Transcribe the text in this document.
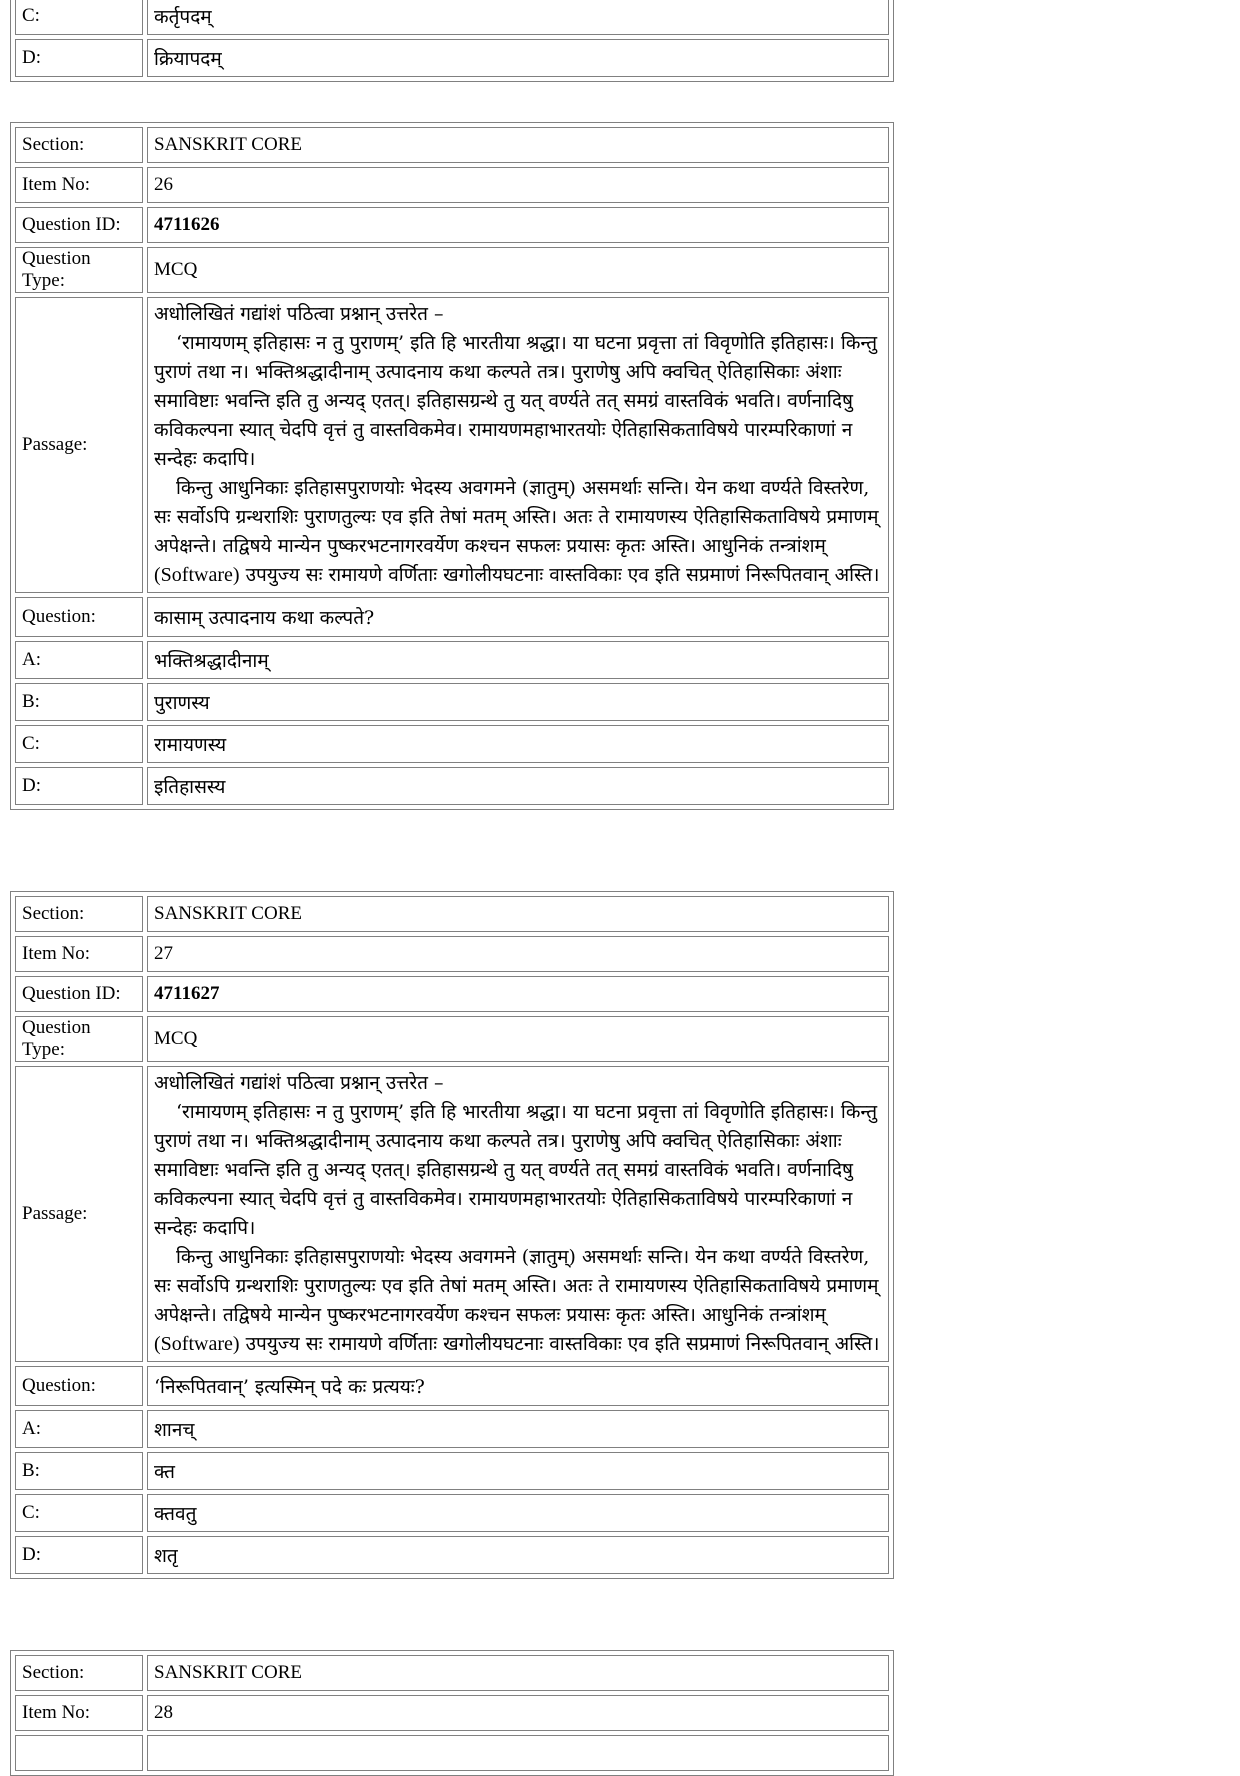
C:	कर्तृपदम्
D:	क्रियापदम्
Section:	SANSKRIT CORE
Item No:	26
Question ID:	4711626
Question Type:	MCQ
Passage:	अधोलिखितं गद्यांशं पठित्वा प्रश्नान् उत्तरेत –

‘रामायणम् इतिहासः न तु पुराणम्’ इति हि भारतीया श्रद्धा। या घटना प्रवृत्ता तां विवृणोति इतिहासः। किन्तु पुराणं तथा न। भक्तिश्रद्धादीनाम् उत्पादनाय कथा कल्पते तत्र। पुराणेषु अपि क्वचित् ऐतिहासिकाः अंशाः समाविष्टाः भवन्ति इति तु अन्यद् एतत्। इतिहासग्रन्थे तु यत् वर्ण्यते तत् समग्रं वास्तविकं भवति। वर्णनादिषु कविकल्पना स्यात् चेदपि वृत्तं तु वास्तविकमेव। रामायणमहाभारतयोः ऐतिहासिकताविषये पारम्परिकाणां न सन्देहः कदापि।

किन्तु आधुनिकाः इतिहासपुराणयोः भेदस्य अवगमने (ज्ञातुम्) असमर्थाः सन्ति। येन कथा वर्ण्यते विस्तरेण, सः सर्वोऽपि ग्रन्थराशिः पुराणतुल्यः एव इति तेषां मतम् अस्ति। अतः ते रामायणस्य ऐतिहासिकताविषये प्रमाणम् अपेक्षन्ते। तद्विषये मान्येन पुष्करभटनागरवर्येण कश्चन सफलः प्रयासः कृतः अस्ति। आधुनिकं तन्त्रांशम् (Software) उपयुज्य सः रामायणे वर्णिताः खगोलीयघटनाः वास्तविकाः एव इति सप्रमाणं निरूपितवान् अस्ति।

Question:	कासाम् उत्पादनाय कथा कल्पते?
A:	भक्तिश्रद्धादीनाम्
B:	पुराणस्य
C:	रामायणस्य
D:	इतिहासस्य
Section:	SANSKRIT CORE
Item No:	27
Question ID:	4711627
Question Type:	MCQ
Passage:	अधोलिखितं गद्यांशं पठित्वा प्रश्नान् उत्तरेत –

‘रामायणम् इतिहासः न तु पुराणम्’ इति हि भारतीया श्रद्धा। या घटना प्रवृत्ता तां विवृणोति इतिहासः। किन्तु पुराणं तथा न। भक्तिश्रद्धादीनाम् उत्पादनाय कथा कल्पते तत्र। पुराणेषु अपि क्वचित् ऐतिहासिकाः अंशाः समाविष्टाः भवन्ति इति तु अन्यद् एतत्। इतिहासग्रन्थे तु यत् वर्ण्यते तत् समग्रं वास्तविकं भवति। वर्णनादिषु कविकल्पना स्यात् चेदपि वृत्तं तु वास्तविकमेव। रामायणमहाभारतयोः ऐतिहासिकताविषये पारम्परिकाणां न सन्देहः कदापि।

किन्तु आधुनिकाः इतिहासपुराणयोः भेदस्य अवगमने (ज्ञातुम्) असमर्थाः सन्ति। येन कथा वर्ण्यते विस्तरेण, सः सर्वोऽपि ग्रन्थराशिः पुराणतुल्यः एव इति तेषां मतम् अस्ति। अतः ते रामायणस्य ऐतिहासिकताविषये प्रमाणम् अपेक्षन्ते। तद्विषये मान्येन पुष्करभटनागरवर्येण कश्चन सफलः प्रयासः कृतः अस्ति। आधुनिकं तन्त्रांशम् (Software) उपयुज्य सः रामायणे वर्णिताः खगोलीयघटनाः वास्तविकाः एव इति सप्रमाणं निरूपितवान् अस्ति।

Question:	‘निरूपितवान्’ इत्यस्मिन् पदे कः प्रत्ययः?
A:	शानच्
B:	क्त
C:	क्तवतु
D:	शतृ
Section:	SANSKRIT CORE
Item No:	28
